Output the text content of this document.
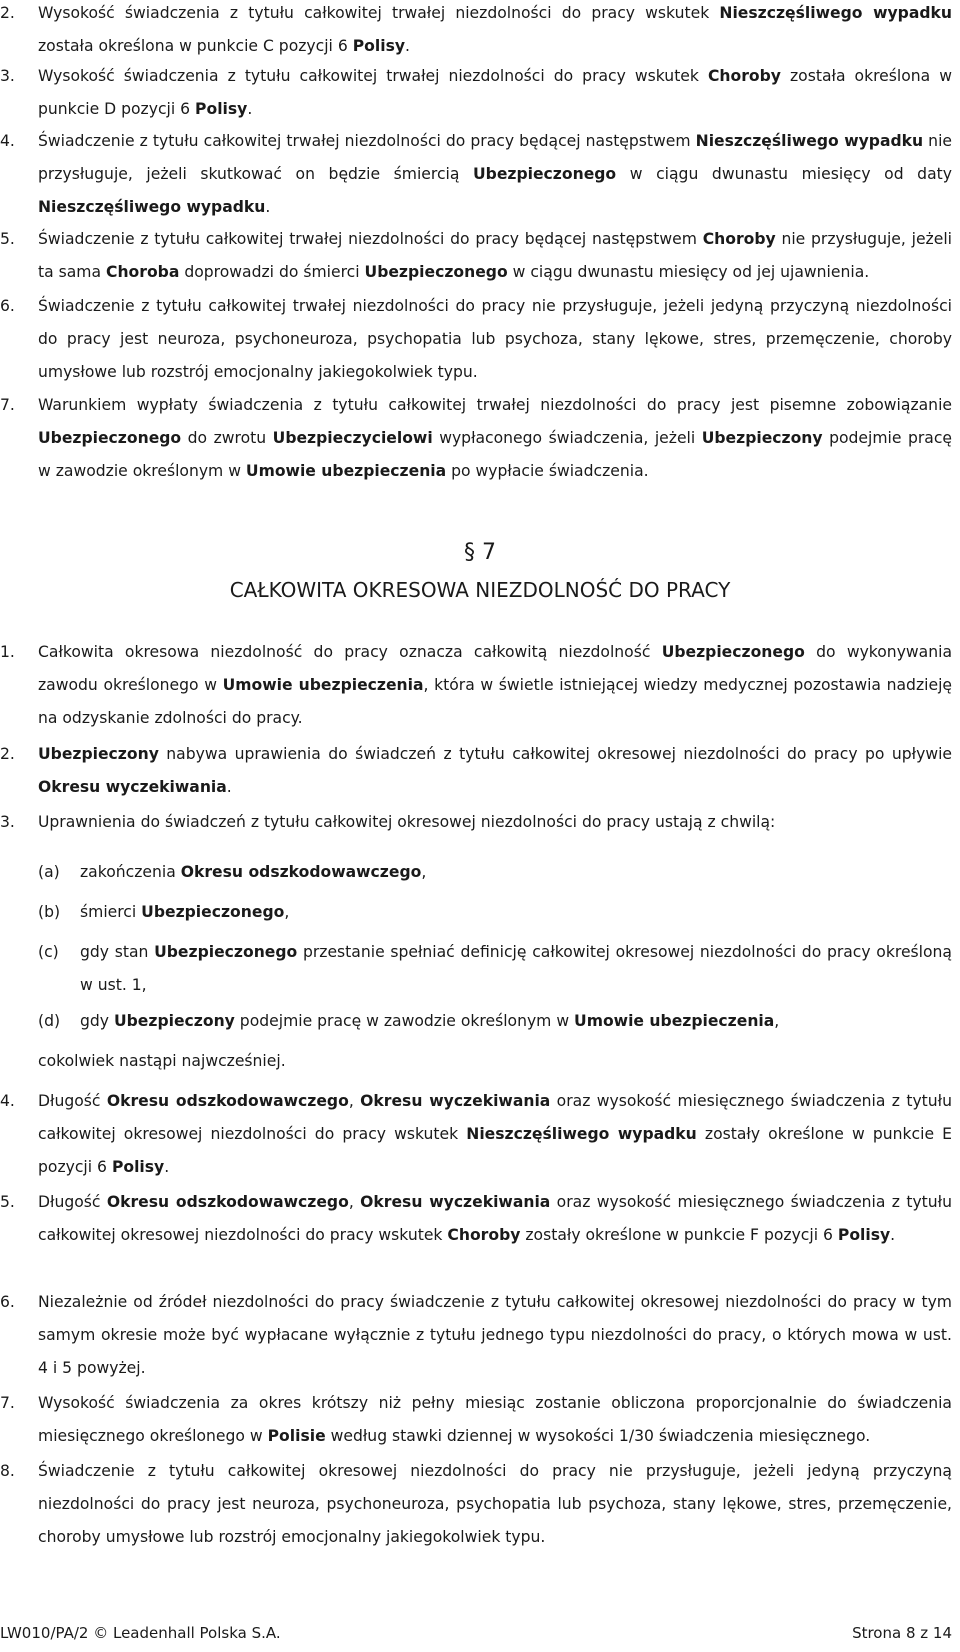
2.	Wysokość świadczenia z tytułu całkowitej trwałej niezdolności do pracy wskutek Nieszczęśliwego wypadku została określona w punkcie C pozycji 6 Polisy.
3.	Wysokość świadczenia z tytułu całkowitej trwałej niezdolności do pracy wskutek Choroby została określona w punkcie D pozycji 6 Polisy.
4.	Świadczenie z tytułu całkowitej trwałej niezdolności do pracy będącej następstwem Nieszczęśliwego wypadku nie przysługuje, jeżeli skutkować on będzie śmiercią Ubezpieczonego w ciągu dwunastu miesięcy od daty Nieszczęśliwego wypadku.
5.	Świadczenie z tytułu całkowitej trwałej niezdolności do pracy będącej następstwem Choroby nie przysługuje, jeżeli ta sama Choroba doprowadzi do śmierci Ubezpieczonego w ciągu dwunastu miesięcy od jej ujawnienia.
6.	Świadczenie z tytułu całkowitej trwałej niezdolności do pracy nie przysługuje, jeżeli jedyną przyczyną niezdolności do pracy jest neuroza, psychoneuroza, psychopatia lub psychoza, stany lękowe, stres, przemęczenie, choroby umysłowe lub rozstrój emocjonalny jakiegokolwiek typu.
7.	Warunkiem wypłaty świadczenia z tytułu całkowitej trwałej niezdolności do pracy jest pisemne zobowiązanie Ubezpieczonego do zwrotu Ubezpieczycielowi wypłaconego świadczenia, jeżeli Ubezpieczony podejmie pracę w zawodzie określonym w Umowie ubezpieczenia po wypłacie świadczenia.
§ 7
CAŁKOWITA OKRESOWA NIEZDOLNOŚĆ DO PRACY
1.	Całkowita okresowa niezdolność do pracy oznacza całkowitą niezdolność Ubezpieczonego do wykonywania zawodu określonego w Umowie ubezpieczenia, która w świetle istniejącej wiedzy medycznej pozostawia nadzieję na odzyskanie zdolności do pracy.
2.	Ubezpieczony nabywa uprawienia do świadczeń z tytułu całkowitej okresowej niezdolności do pracy po upływie Okresu wyczekiwania.
3.	Uprawnienia do świadczeń z tytułu całkowitej okresowej niezdolności do pracy ustają z chwilą:
(a)	zakończenia Okresu odszkodowawczego,
(b)	śmierci Ubezpieczonego,
(c)	gdy stan Ubezpieczonego przestanie spełniać definicję całkowitej okresowej niezdolności do pracy określoną w ust. 1,
(d)	gdy Ubezpieczony podejmie pracę w zawodzie określonym w Umowie ubezpieczenia,
cokolwiek nastąpi najwcześniej.
4.	Długość Okresu odszkodowawczego, Okresu wyczekiwania oraz wysokość miesięcznego świadczenia z tytułu całkowitej okresowej niezdolności do pracy wskutek Nieszczęśliwego wypadku zostały określone w punkcie E pozycji 6 Polisy.
5.	Długość Okresu odszkodowawczego, Okresu wyczekiwania oraz wysokość miesięcznego świadczenia z tytułu całkowitej okresowej niezdolności do pracy wskutek Choroby zostały określone w punkcie F pozycji 6 Polisy.
6.	Niezależnie od źródeł niezdolności do pracy świadczenie z tytułu całkowitej okresowej niezdolności do pracy w tym samym okresie może być wypłacane wyłącznie z tytułu jednego typu niezdolności do pracy, o których mowa w ust. 4 i 5 powyżej.
7.	Wysokość świadczenia za okres krótszy niż pełny miesiąc zostanie obliczona proporcjonalnie do świadczenia miesięcznego określonego w Polisie według stawki dziennej w wysokości 1/30 świadczenia miesięcznego.
8.	Świadczenie z tytułu całkowitej okresowej niezdolności do pracy nie przysługuje, jeżeli jedyną przyczyną niezdolności do pracy jest neuroza, psychoneuroza, psychopatia lub psychoza, stany lękowe, stres, przemęczenie, choroby umysłowe lub rozstrój emocjonalny jakiegokolwiek typu.
LW010/PA/2 © Leadenhall Polska S.A.	Strona 8 z 14
